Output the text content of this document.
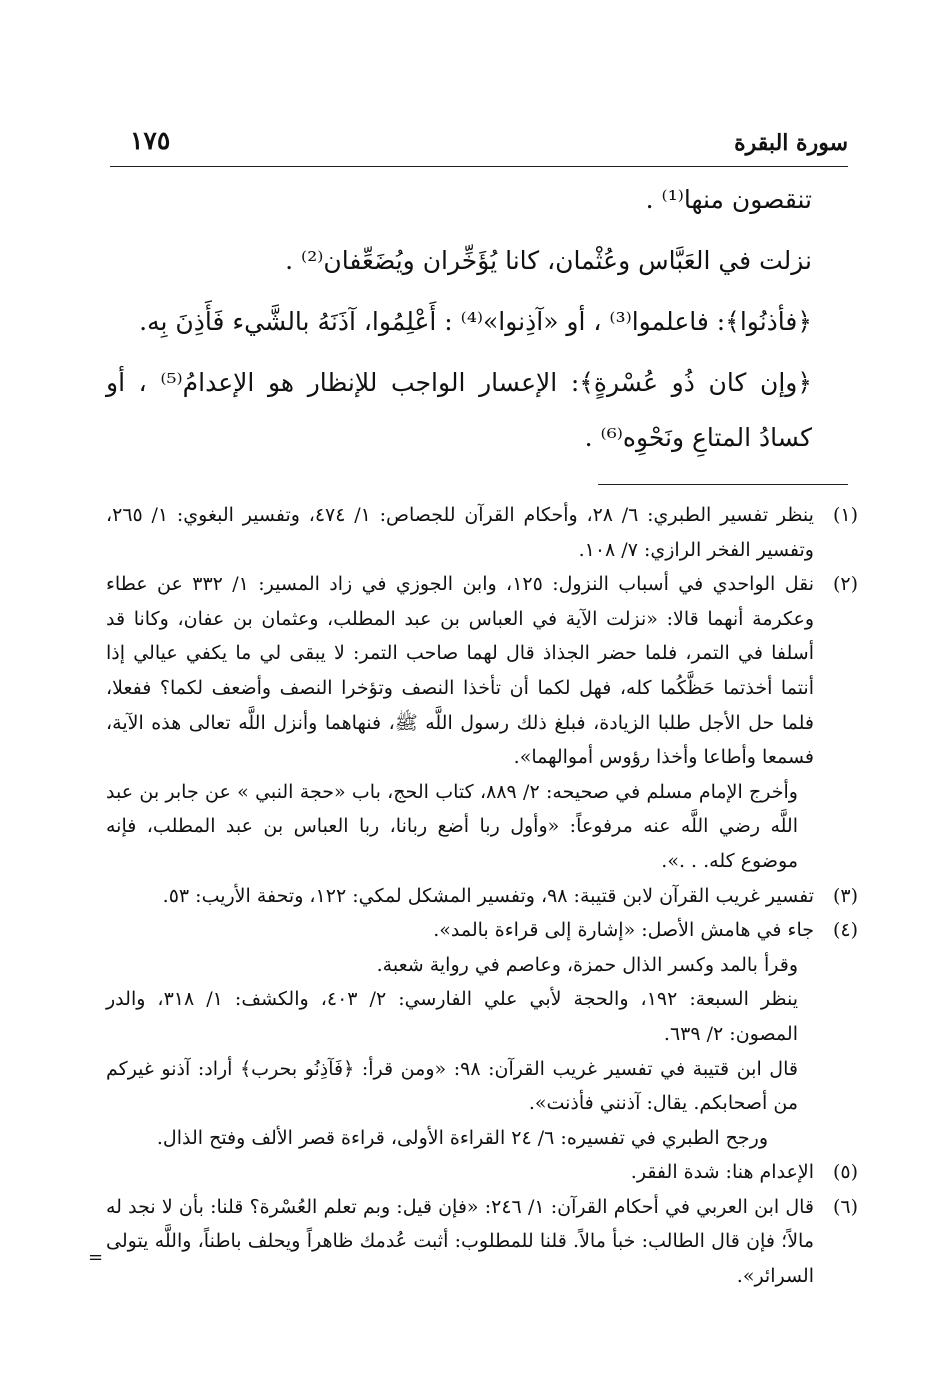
سورة البقرة
١٧٥

تنقصون منها⁽¹⁾ .

نزلت في العَبَّاس وعُثْمان، كانا يُؤَخِّران ويُضَعِّفان⁽²⁾ .

﴿فأذنُوا﴾: فاعلموا⁽³⁾ ، أو «آذِنوا»⁽⁴⁾ : أَعْلِمُوا، آذَنَهُ بالشَّيء فَأَذِنَ بِه.

﴿وإن كان ذُو عُسْرةٍ﴾: الإعسار الواجب للإنظار هو الإعدامُ⁽⁵⁾ ، أو كسادُ المتاعِ ونَحْوِه⁽⁶⁾ .

(١)
ينظر تفسير الطبري: ٦/ ٢٨، وأحكام القرآن للجصاص: ١/ ٤٧٤، وتفسير البغوي: ١/ ٢٦٥، وتفسير الفخر الرازي: ٧/ ١٠٨.
(٢)
نقل الواحدي في أسباب النزول: ١٢٥، وابن الجوزي في زاد المسير: ١/ ٣٣٢ عن عطاء وعكرمة أنهما قالا: «نزلت الآية في العباس بن عبد المطلب، وعثمان بن عفان، وكانا قد أسلفا في التمر، فلما حضر الجذاذ قال لهما صاحب التمر: لا يبقى لي ما يكفي عيالي إذا أنتما أخذتما حَظَّكُما كله، فهل لكما أن تأخذا النصف وتؤخرا النصف وأضعف لكما؟ ففعلا، فلما حل الأجل طلبا الزيادة، فبلغ ذلك رسول اللَّه ﷺ، فنهاهما وأنزل اللَّه تعالى هذه الآية، فسمعا وأطاعا وأخذا رؤوس أموالهما».
وأخرج الإمام مسلم في صحيحه: ٢/ ٨٨٩، كتاب الحج، باب «حجة النبي » عن جابر بن عبد اللَّه رضي اللَّه عنه مرفوعاً: «وأول ربا أضع ربانا، ربا العباس بن عبد المطلب، فإنه موضوع كله. . .».
(٣)
تفسير غريب القرآن لابن قتيبة: ٩٨، وتفسير المشكل لمكي: ١٢٢، وتحفة الأريب: ٥٣.
(٤)
جاء في هامش الأصل: «إشارة إلى قراءة بالمد».
وقرأ بالمد وكسر الذال حمزة، وعاصم في رواية شعبة.
ينظر السبعة: ١٩٢، والحجة لأبي علي الفارسي: ٢/ ٤٠٣، والكشف: ١/ ٣١٨، والدر المصون: ٢/ ٦٣٩.
قال ابن قتيبة في تفسير غريب القرآن: ٩٨: «ومن قرأ: ﴿فَآذِنُو بحرب﴾ أراد: آذنو غيركم من أصحابكم. يقال: آذنني فأذنت».
ورجح الطبري في تفسيره: ٦/ ٢٤ القراءة الأولى، قراءة قصر الألف وفتح الذال.
(٥)
الإعدام هنا: شدة الفقر.
(٦)
قال ابن العربي في أحكام القرآن: ١/ ٢٤٦: «فإن قيل: وبم تعلم العُسْرة؟ قلنا: بأن لا نجد له مالاً؛ فإن قال الطالب: خبأ مالاً. قلنا للمطلوب: أثبت عُدمك ظاهراً ويحلف باطناً، واللَّه يتولى السرائر».
=
